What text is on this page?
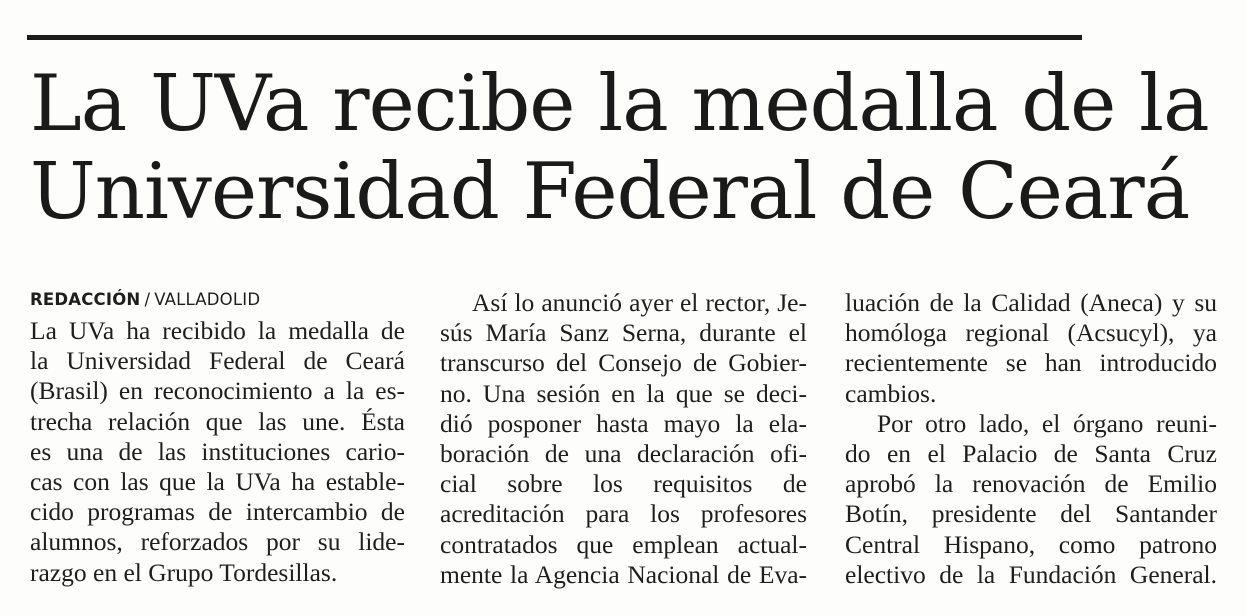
La UVa recibe la medalla de la
Universidad Federal de Ceará
REDACCIÓN / VALLADOLID

La UVa ha recibido la medalla de
la Universidad Federal de Ceará
(Brasil) en reconocimiento a la es-
trecha relación que las une. Ésta
es una de las instituciones cario-
cas con las que la UVa ha estable-
cido programas de intercambio de
alumnos, reforzados por su lide-
razgo en el Grupo Tordesillas.

Así lo anunció ayer el rector, Je-
sús María Sanz Serna, durante el
transcurso del Consejo de Gobier-
no. Una sesión en la que se deci-
dió posponer hasta mayo la ela-
boración de una declaración ofi-
cial sobre los requisitos de
acreditación para los profesores
contratados que emplean actual-
mente la Agencia Nacional de Eva-

luación de la Calidad (Aneca) y su
homóloga regional (Acsucyl), ya
recientemente se han introducido
cambios.

Por otro lado, el órgano reuni-
do en el Palacio de Santa Cruz
aprobó la renovación de Emilio
Botín, presidente del Santander
Central Hispano, como patrono
electivo de la Fundación General.
